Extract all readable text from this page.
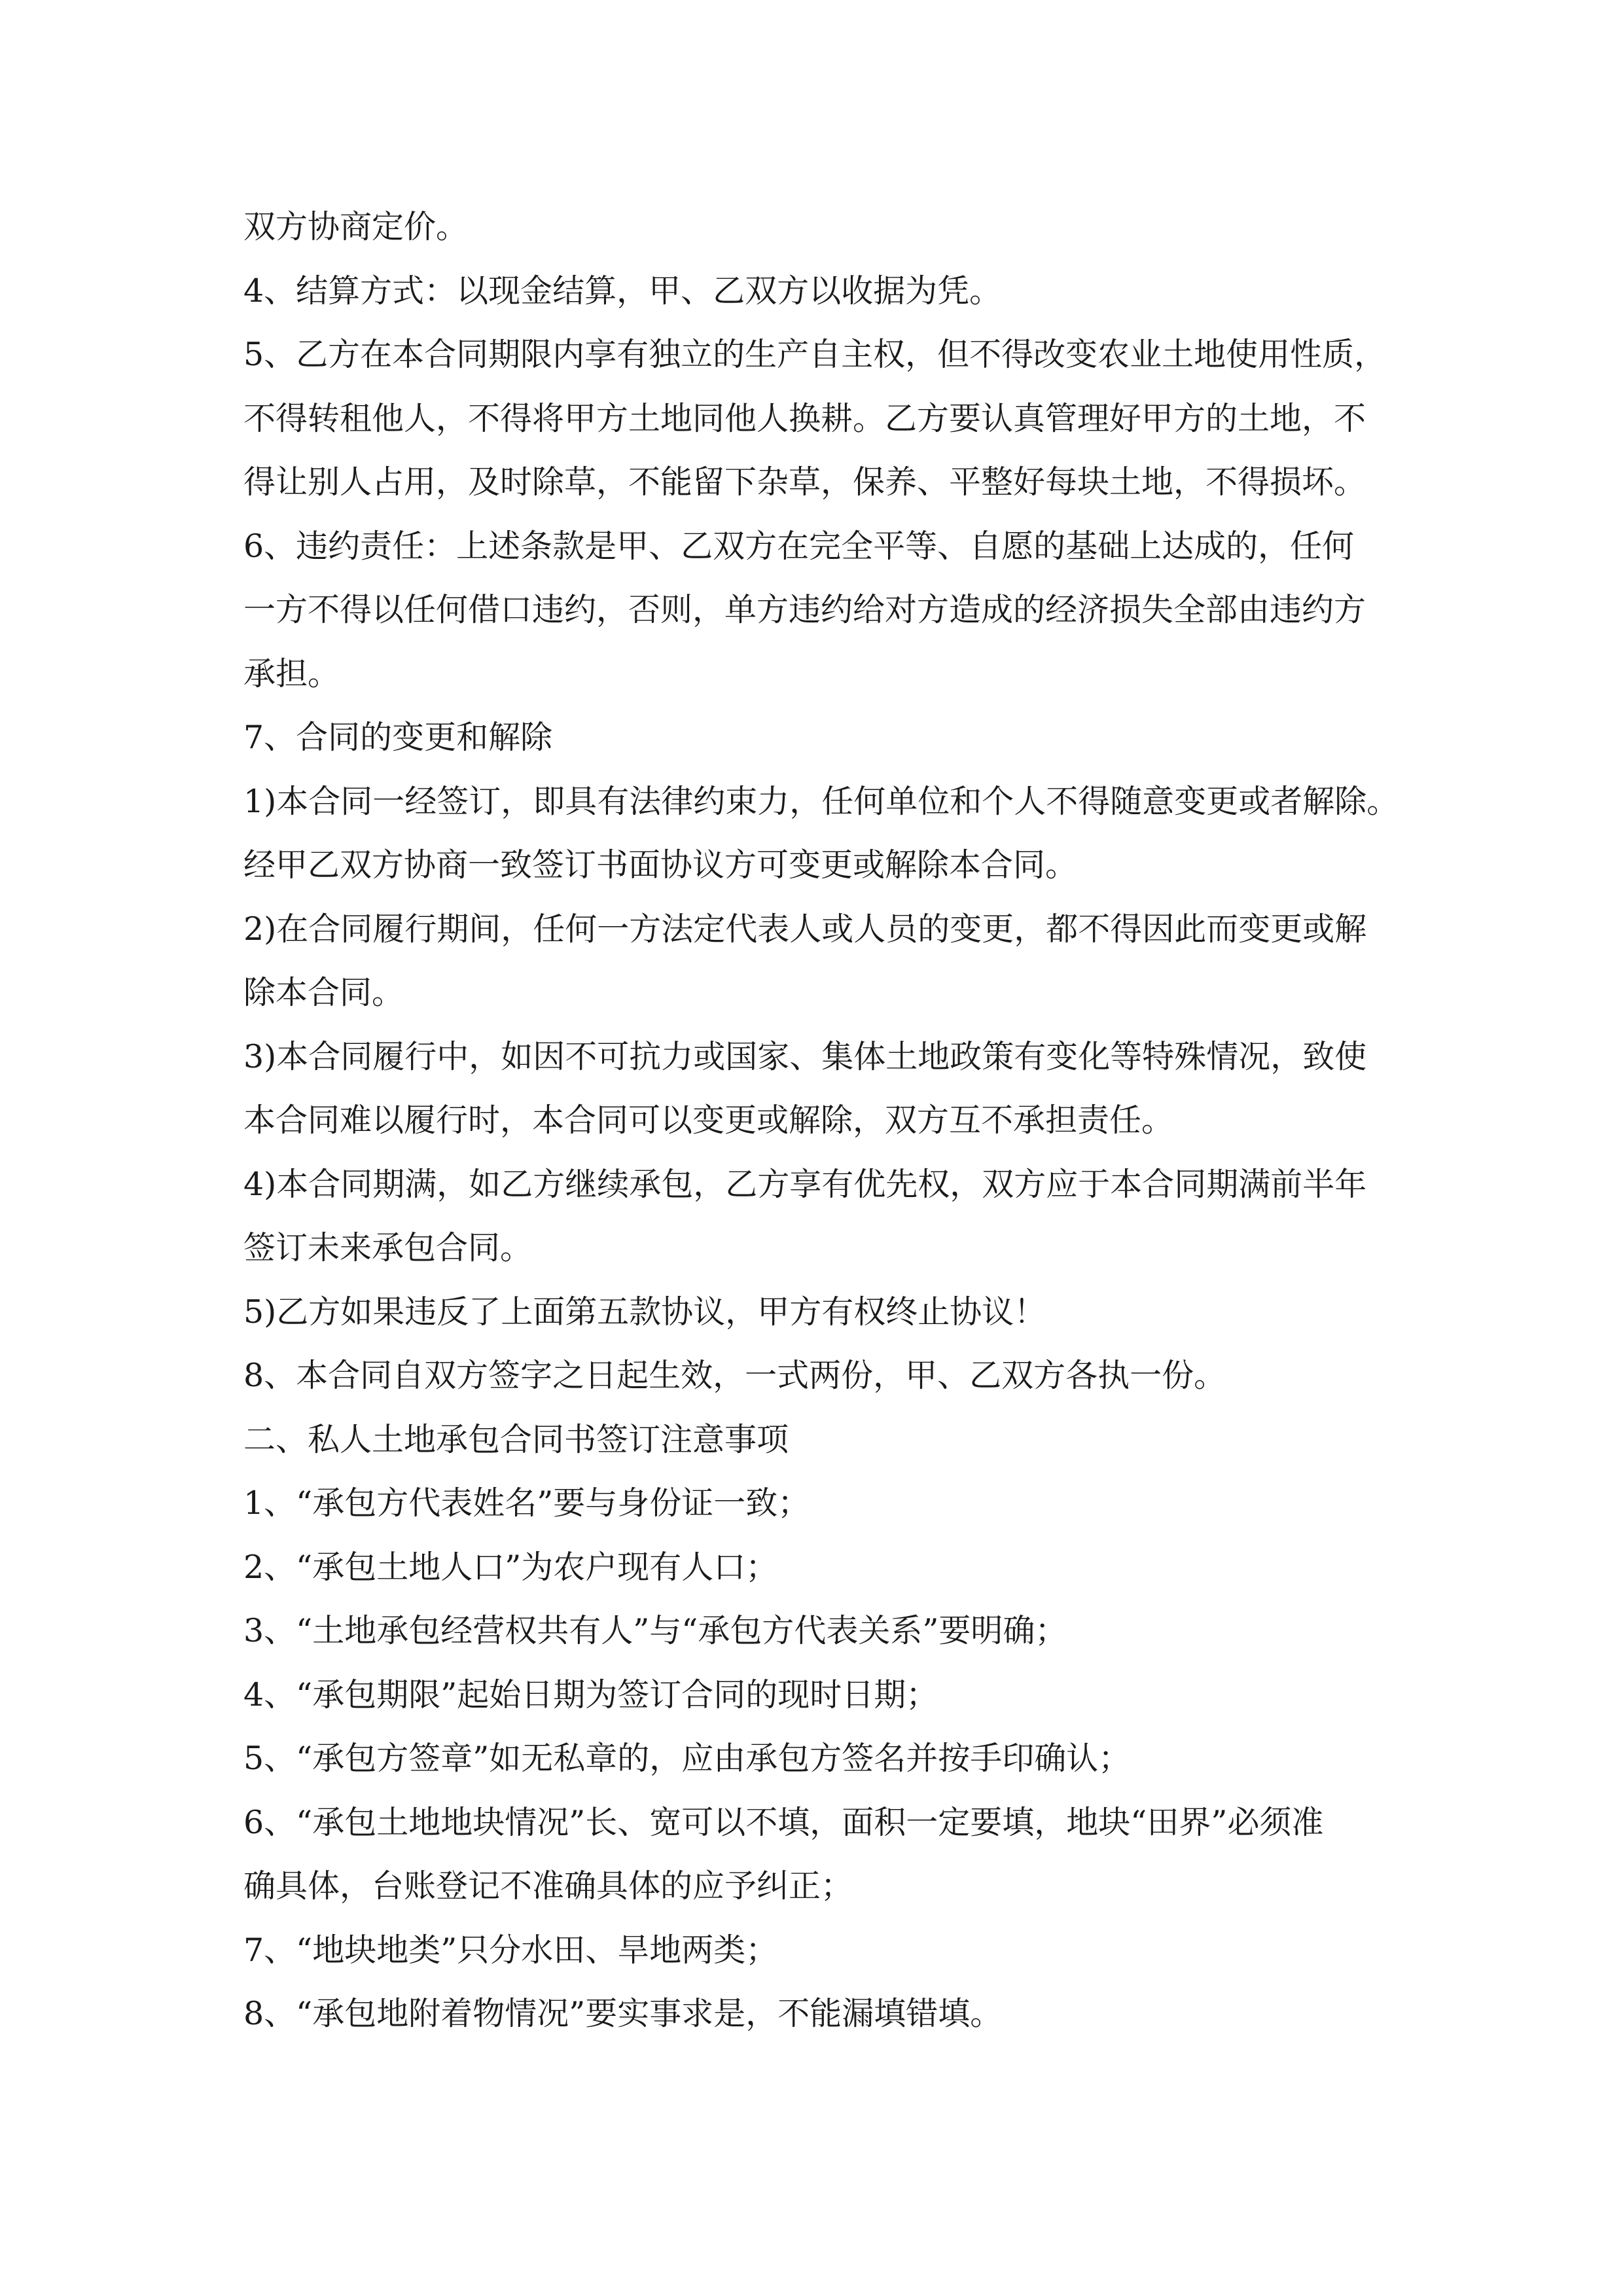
双方协商定价。
4、结算方式：以现金结算，甲、乙双方以收据为凭。
5、乙方在本合同期限内享有独立的生产自主权，但不得改变农业土地使用性质，
不得转租他人，不得将甲方土地同他人换耕。乙方要认真管理好甲方的土地，不
得让别人占用，及时除草，不能留下杂草，保养、平整好每块土地，不得损坏。
6、违约责任：上述条款是甲、乙双方在完全平等、自愿的基础上达成的，任何
一方不得以任何借口违约，否则，单方违约给对方造成的经济损失全部由违约方
承担。
7、合同的变更和解除
1)本合同一经签订，即具有法律约束力，任何单位和个人不得随意变更或者解除。
经甲乙双方协商一致签订书面协议方可变更或解除本合同。
2)在合同履行期间，任何一方法定代表人或人员的变更，都不得因此而变更或解
除本合同。
3)本合同履行中，如因不可抗力或国家、集体土地政策有变化等特殊情况，致使
本合同难以履行时，本合同可以变更或解除，双方互不承担责任。
4)本合同期满，如乙方继续承包，乙方享有优先权，双方应于本合同期满前半年
签订未来承包合同。
5)乙方如果违反了上面第五款协议，甲方有权终止协议！
8、本合同自双方签字之日起生效，一式两份，甲、乙双方各执一份。
二、私人土地承包合同书签订注意事项
1、“承包方代表姓名”要与身份证一致；
2、“承包土地人口”为农户现有人口；
3、“土地承包经营权共有人”与“承包方代表关系”要明确；
4、“承包期限”起始日期为签订合同的现时日期；
5、“承包方签章”如无私章的，应由承包方签名并按手印确认；
6、“承包土地地块情况”长、宽可以不填，面积一定要填，地块“田界”必须准
确具体，台账登记不准确具体的应予纠正；
7、“地块地类”只分水田、旱地两类；
8、“承包地附着物情况”要实事求是，不能漏填错填。
